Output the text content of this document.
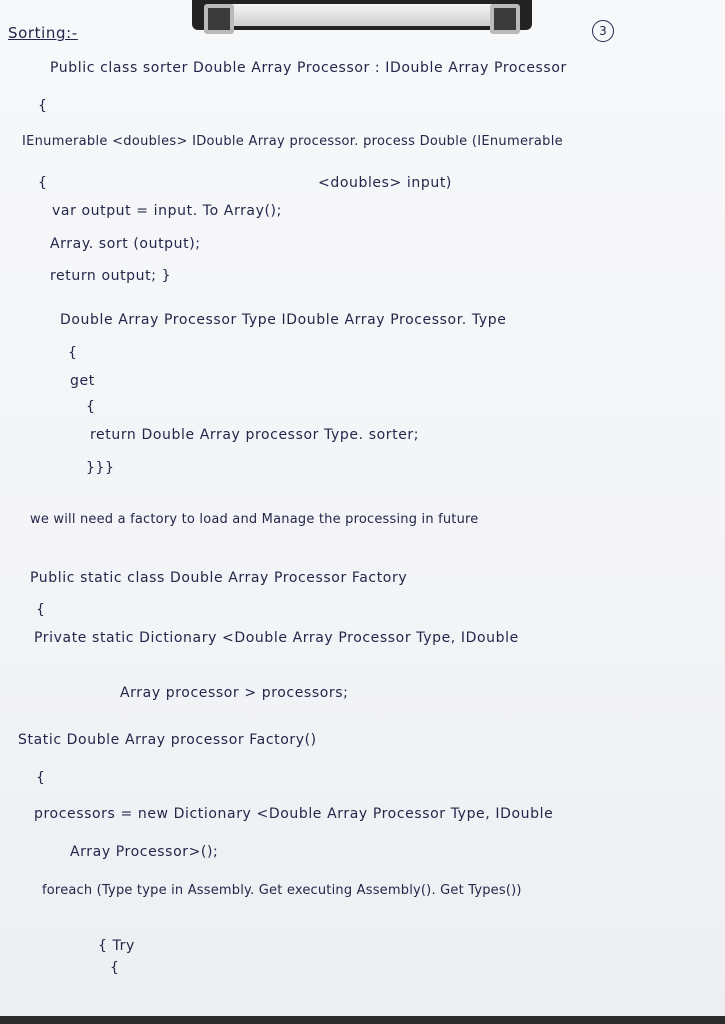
Sorting:-	3
Public class sorter Double Array Processor : IDouble Array Processor
{
IEnumerable <doubles> IDouble Array processor. process Double (IEnumerable
{	<doubles> input)
var output = input. To Array();
Array. sort (output);
return output; }
Double Array Processor Type IDouble Array Processor. Type
{
get
{
return Double Array processor Type. sorter;
}}}
we will need a factory to load and Manage the processing in future
Public static class Double Array Processor Factory
{
Private static Dictionary <Double Array Processor Type, IDouble
Array processor > processors;
Static Double Array processor Factory()
{
processors = new Dictionary <Double Array Processor Type, IDouble
Array Processor>();
foreach (Type type in Assembly. Get executing Assembly(). Get Types())
{ Try
{
